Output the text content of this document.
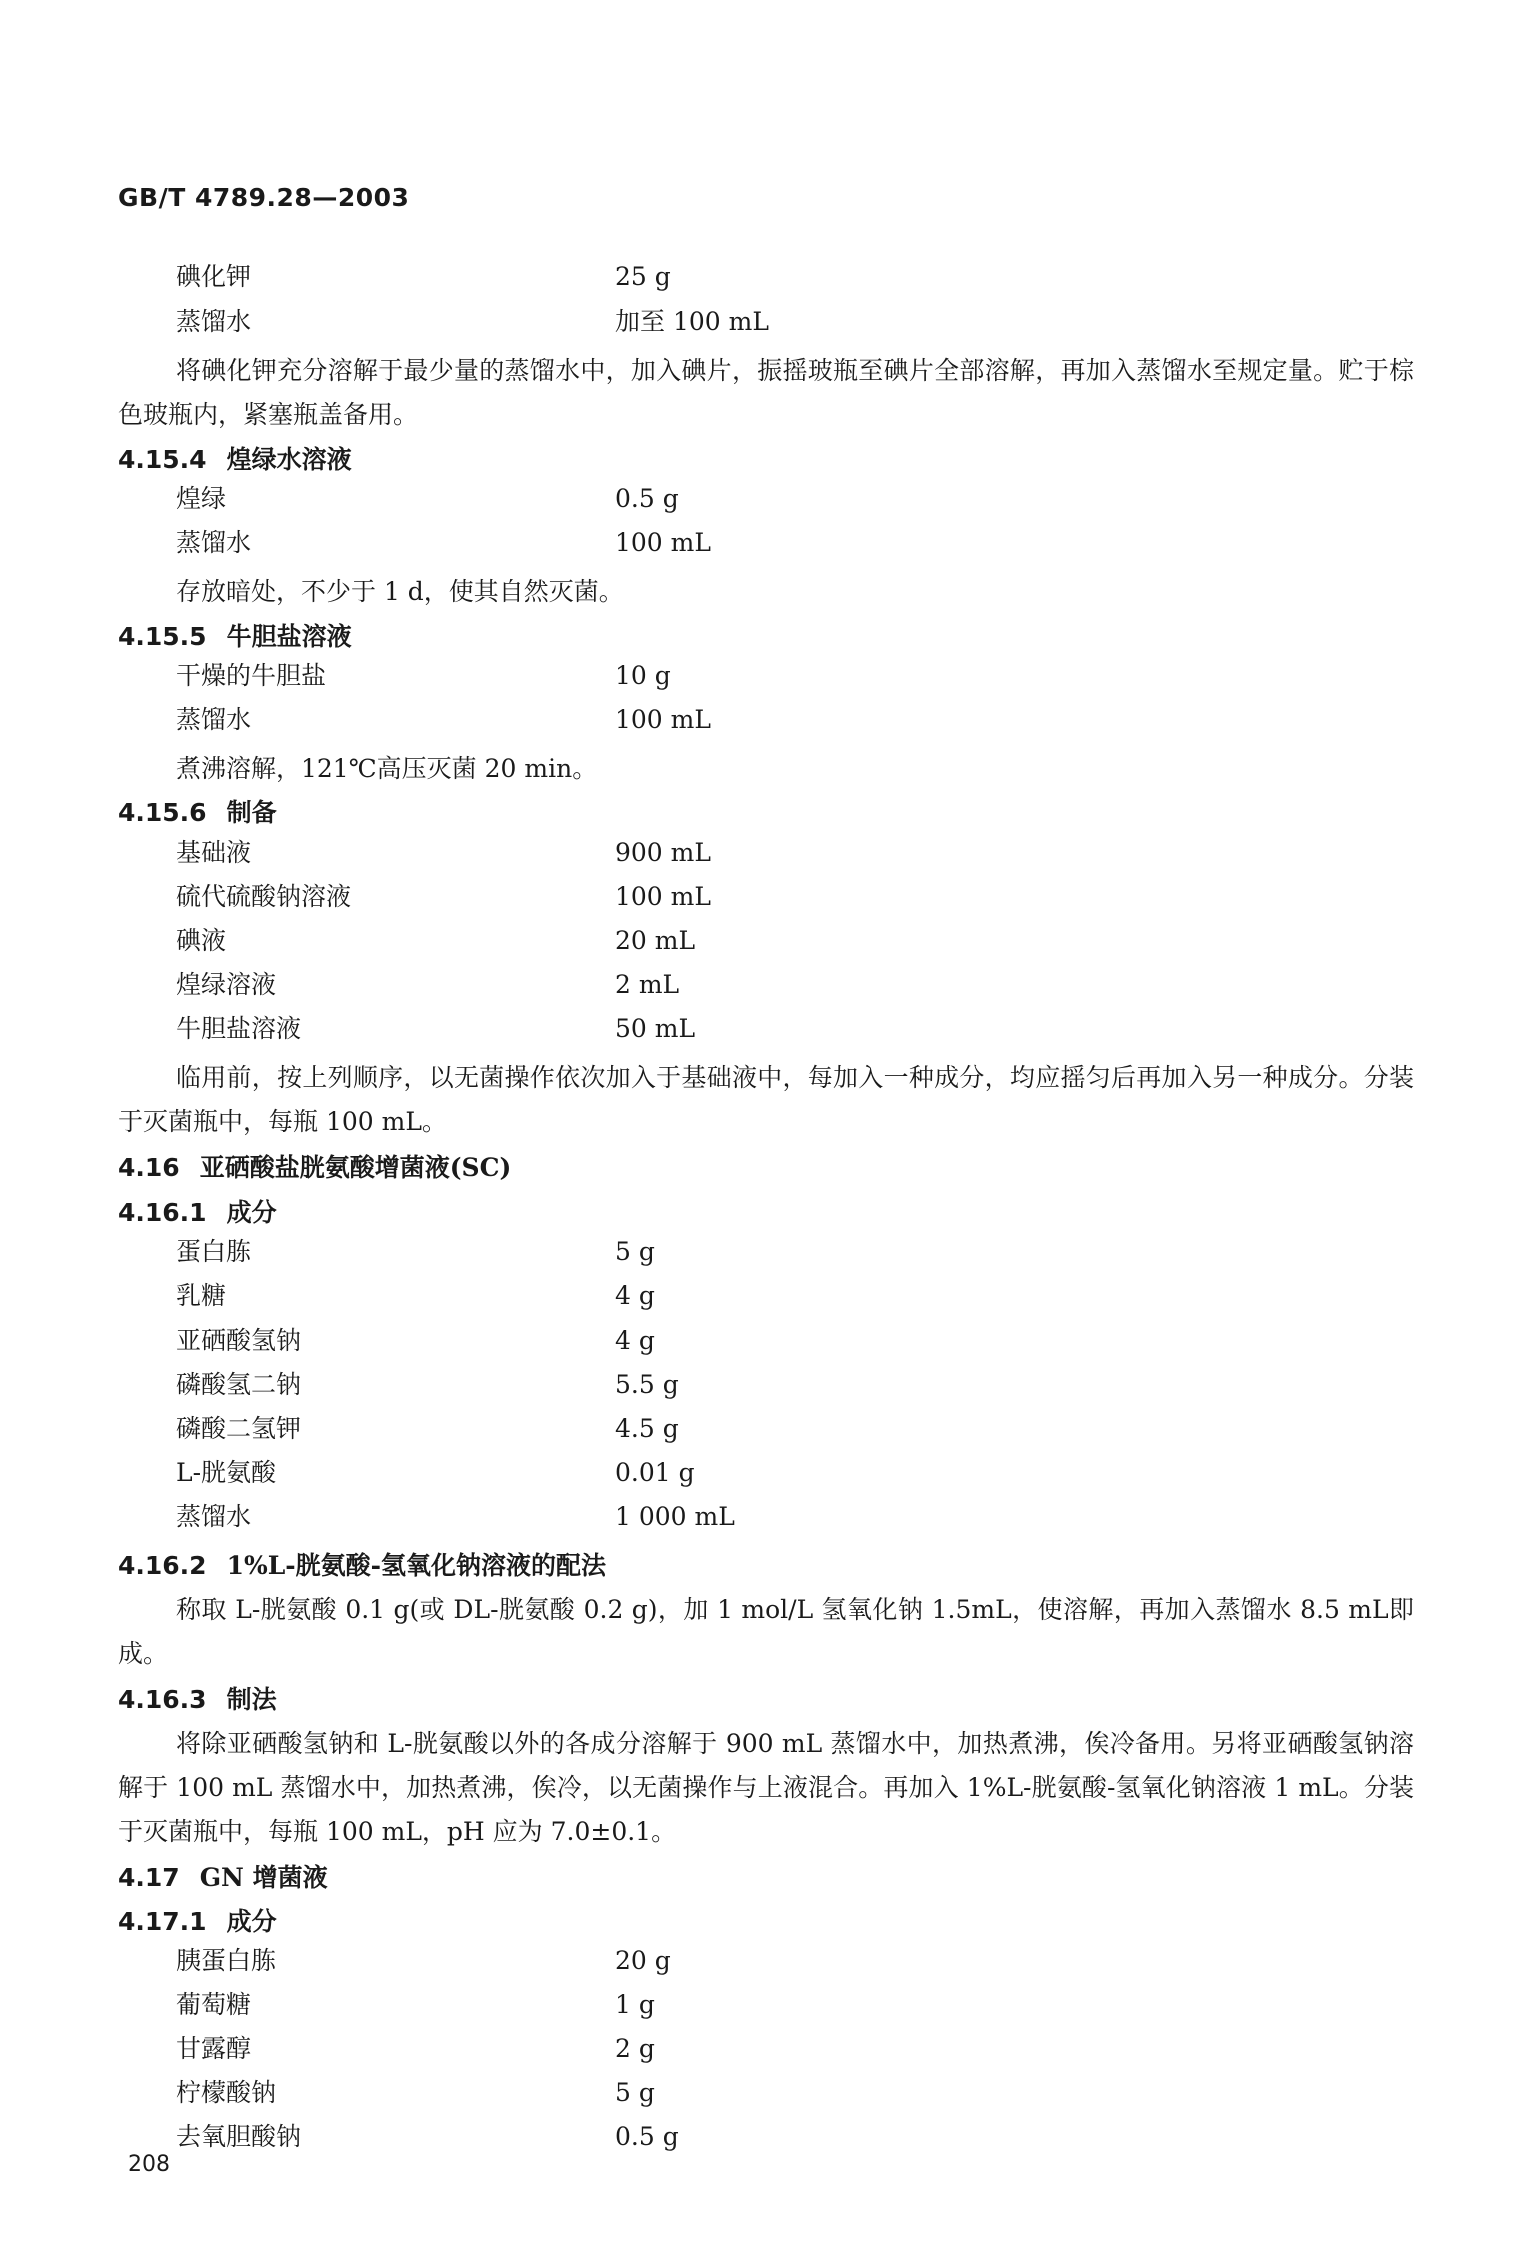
GB/T 4789.28—2003
碘化钾	25 g
蒸馏水	加至 100 mL
将碘化钾充分溶解于最少量的蒸馏水中，加入碘片，振摇玻瓶至碘片全部溶解，再加入蒸馏水至规定量。贮于棕色玻瓶内，紧塞瓶盖备用。
4.15.4 煌绿水溶液
煌绿	0.5 g
蒸馏水	100 mL
存放暗处，不少于 1 d，使其自然灭菌。
4.15.5 牛胆盐溶液
干燥的牛胆盐	10 g
蒸馏水	100 mL
煮沸溶解，121℃高压灭菌 20 min。
4.15.6 制备
基础液	900 mL
硫代硫酸钠溶液	100 mL
碘液	20 mL
煌绿溶液	2 mL
牛胆盐溶液	50 mL
临用前，按上列顺序，以无菌操作依次加入于基础液中，每加入一种成分，均应摇匀后再加入另一种成分。分装于灭菌瓶中，每瓶 100 mL。
4.16 亚硒酸盐胱氨酸增菌液(SC)
4.16.1 成分
蛋白胨	5 g
乳糖	4 g
亚硒酸氢钠	4 g
磷酸氢二钠	5.5 g
磷酸二氢钾	4.5 g
L-胱氨酸	0.01 g
蒸馏水	1 000 mL
4.16.2 1%L-胱氨酸-氢氧化钠溶液的配法
称取 L-胱氨酸 0.1 g(或 DL-胱氨酸 0.2 g)，加 1 mol/L 氢氧化钠 1.5mL，使溶解，再加入蒸馏水 8.5 mL即成。
4.16.3 制法
将除亚硒酸氢钠和 L-胱氨酸以外的各成分溶解于 900 mL 蒸馏水中，加热煮沸，俟冷备用。另将亚硒酸氢钠溶解于 100 mL 蒸馏水中，加热煮沸，俟冷，以无菌操作与上液混合。再加入 1%L-胱氨酸-氢氧化钠溶液 1 mL。分装于灭菌瓶中，每瓶 100 mL，pH 应为 7.0±0.1。
4.17 GN 增菌液
4.17.1 成分
胰蛋白胨	20 g
葡萄糖	1 g
甘露醇	2 g
柠檬酸钠	5 g
去氧胆酸钠	0.5 g
208
